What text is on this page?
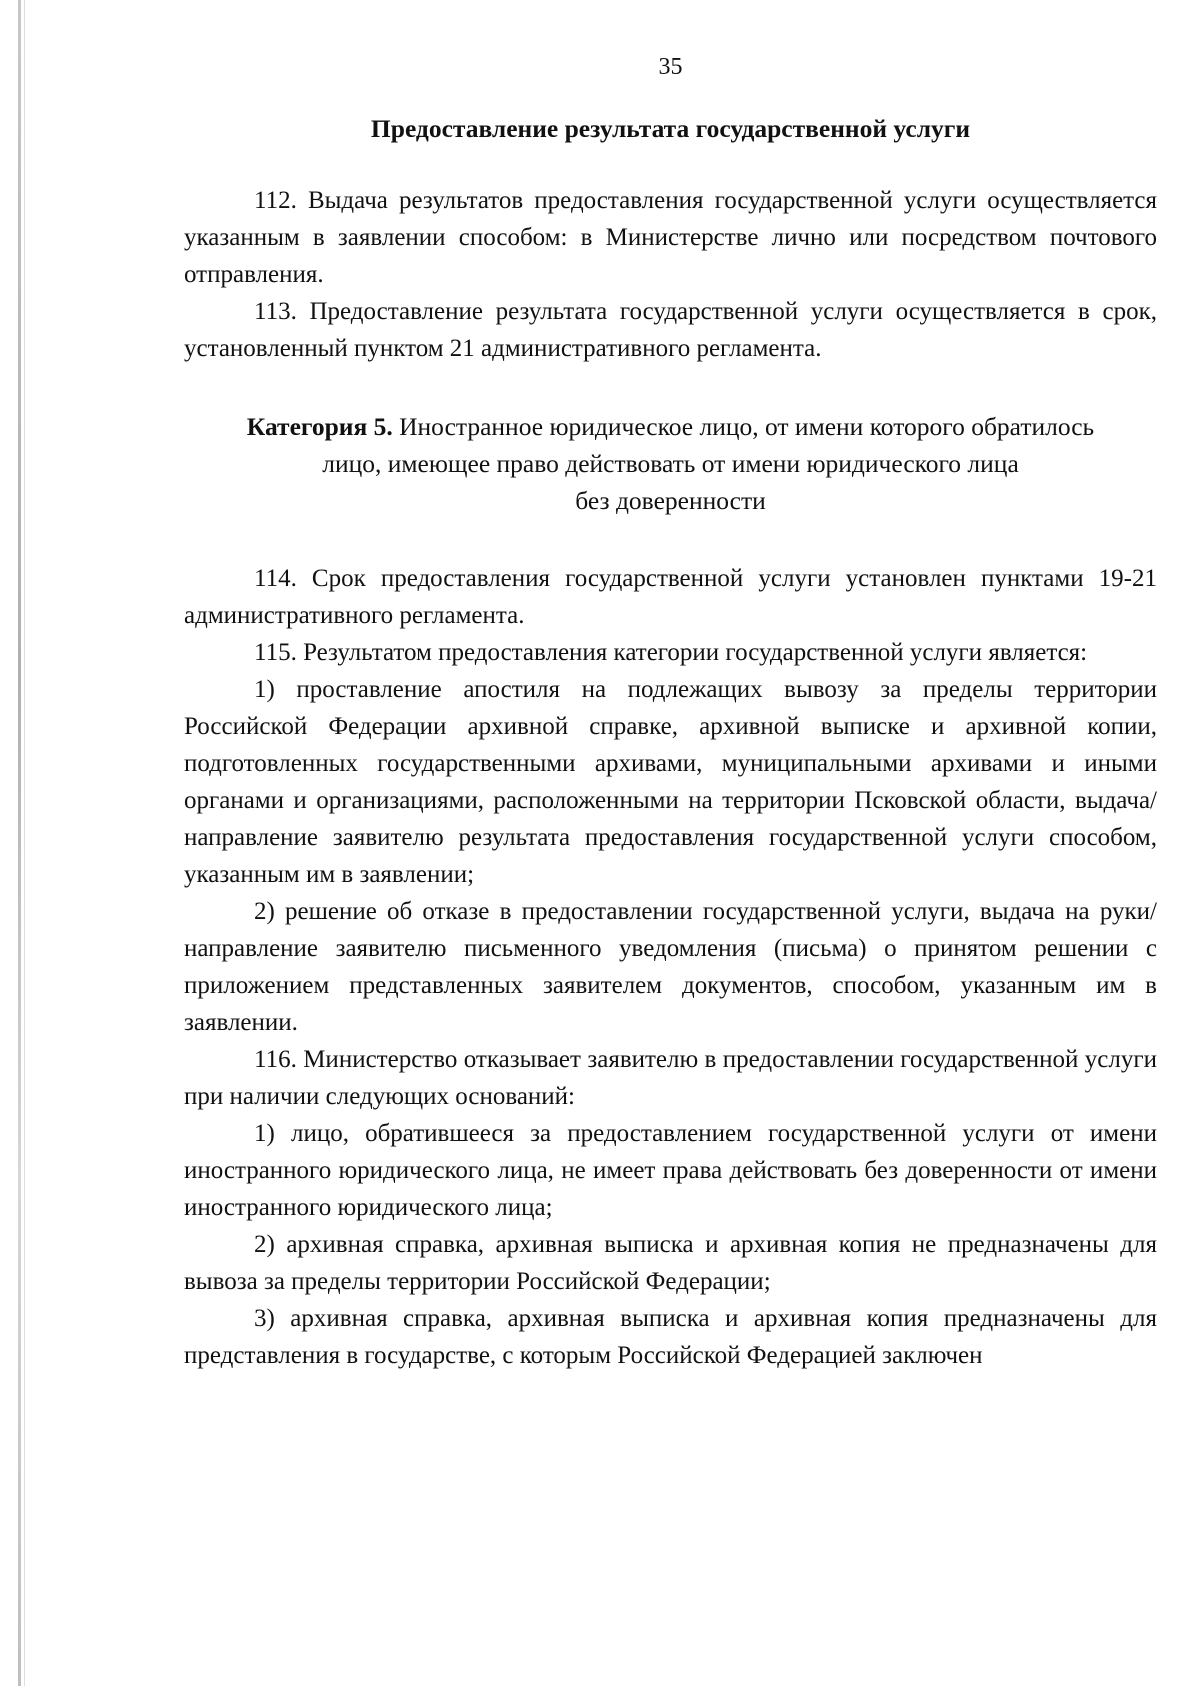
35
Предоставление результата государственной услуги

112. Выдача результатов предоставления государственной услуги осуществляется указанным в заявлении способом: в Министерстве лично или посредством почтового отправления.

113. Предоставление результата государственной услуги осуществляется в срок, установленный пунктом 21 административного регламента.

Категория 5. Иностранное юридическое лицо, от имени которого обратилось
лицо, имеющее право действовать от имени юридического лица
без доверенности

114. Срок предоставления государственной услуги установлен пунктами 19-21 административного регламента.

115. Результатом предоставления категории государственной услуги является:

1) проставление апостиля на подлежащих вывозу за пределы территории Российской Федерации архивной справке, архивной выписке и архивной копии, подготовленных государственными архивами, муниципальными архивами и иными органами и организациями, расположенными на территории Псковской области, выдача/направление заявителю результата предоставления государственной услуги способом, указанным им в заявлении;

2) решение об отказе в предоставлении государственной услуги, выдача на руки/направление заявителю письменного уведомления (письма) о принятом решении с приложением представленных заявителем документов, способом, указанным им в заявлении.

116. Министерство отказывает заявителю в предоставлении государственной услуги при наличии следующих оснований:

1) лицо, обратившееся за предоставлением государственной услуги от имени иностранного юридического лица, не имеет права действовать без доверенности от имени иностранного юридического лица;

2) архивная справка, архивная выписка и архивная копия не предназначены для вывоза за пределы территории Российской Федерации;

3) архивная справка, архивная выписка и архивная копия предназначены для представления в государстве, с которым Российской Федерацией заключен
